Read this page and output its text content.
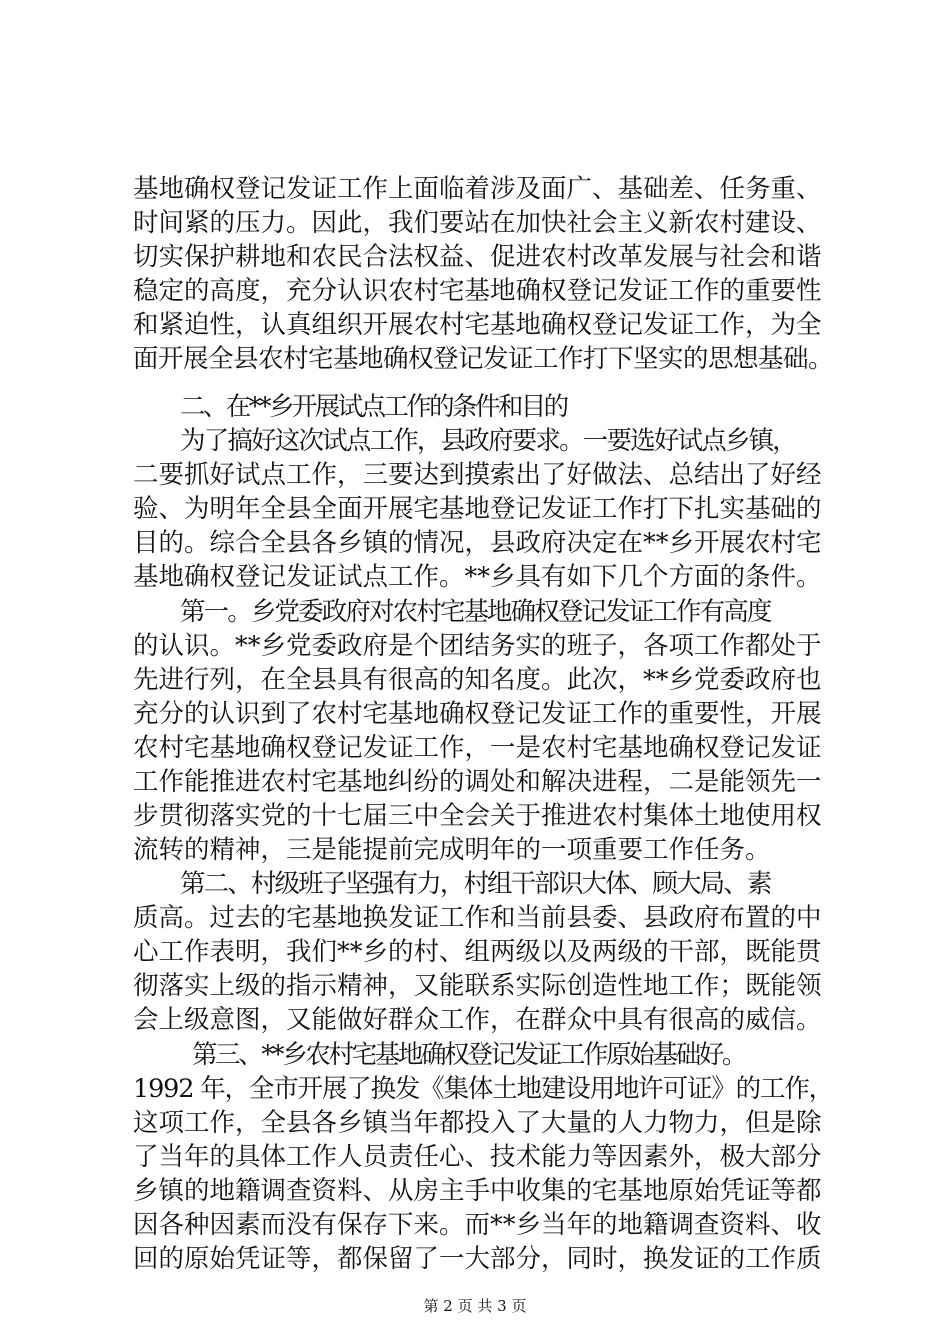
基地确权登记发证工作上面临着涉及面广、基础差、任务重、
时间紧的压力。因此，我们要站在加快社会主义新农村建设、
切实保护耕地和农民合法权益、促进农村改革发展与社会和谐
稳定的高度，充分认识农村宅基地确权登记发证工作的重要性
和紧迫性，认真组织开展农村宅基地确权登记发证工作，为全
面开展全县农村宅基地确权登记发证工作打下坚实的思想基础。
二、在**乡开展试点工作的条件和目的
为了搞好这次试点工作，县政府要求。一要选好试点乡镇，
二要抓好试点工作，三要达到摸索出了好做法、总结出了好经
验、为明年全县全面开展宅基地登记发证工作打下扎实基础的
目的。综合全县各乡镇的情况，县政府决定在**乡开展农村宅
基地确权登记发证试点工作。**乡具有如下几个方面的条件。
第一。乡党委政府对农村宅基地确权登记发证工作有高度
的认识。**乡党委政府是个团结务实的班子，各项工作都处于
先进行列，在全县具有很高的知名度。此次，**乡党委政府也
充分的认识到了农村宅基地确权登记发证工作的重要性，开展
农村宅基地确权登记发证工作，一是农村宅基地确权登记发证
工作能推进农村宅基地纠纷的调处和解决进程，二是能领先一
步贯彻落实党的十七届三中全会关于推进农村集体土地使用权
流转的精神，三是能提前完成明年的一项重要工作任务。
第二、村级班子坚强有力，村组干部识大体、顾大局、素
质高。过去的宅基地换发证工作和当前县委、县政府布置的中
心工作表明，我们**乡的村、组两级以及两级的干部，既能贯
彻落实上级的指示精神，又能联系实际创造性地工作；既能领
会上级意图，又能做好群众工作，在群众中具有很高的威信。
第三、**乡农村宅基地确权登记发证工作原始基础好。
1992 年，全市开展了换发《集体土地建设用地许可证》的工作，
这项工作，全县各乡镇当年都投入了大量的人力物力，但是除
了当年的具体工作人员责任心、技术能力等因素外，极大部分
乡镇的地籍调查资料、从房主手中收集的宅基地原始凭证等都
因各种因素而没有保存下来。而**乡当年的地籍调查资料、收
回的原始凭证等，都保留了一大部分，同时，换发证的工作质
第 2 页 共 3 页
